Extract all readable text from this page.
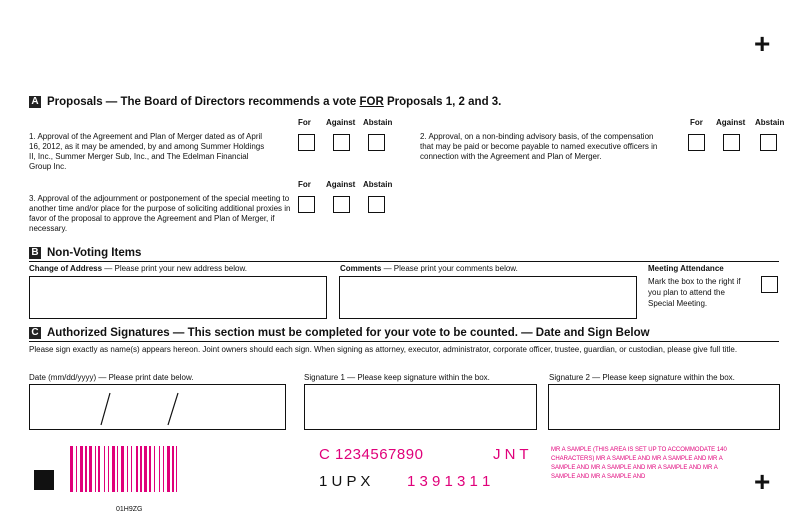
+
A Proposals — The Board of Directors recommends a vote FOR Proposals 1, 2 and 3.
For Against Abstain
1. Approval of the Agreement and Plan of Merger dated as of April 16, 2012, as it may be amended, by and among Summer Holdings II, Inc., Summer Merger Sub, Inc., and The Edelman Financial Group Inc.
For Against Abstain
2. Approval, on a non-binding advisory basis, of the compensation that may be paid or become payable to named executive officers in connection with the Agreement and Plan of Merger.
For Against Abstain
3. Approval of the adjournment or postponement of the special meeting to another time and/or place for the purpose of soliciting additional proxies in favor of the proposal to approve the Agreement and Plan of Merger, if necessary.
B Non-Voting Items
Change of Address — Please print your new address below.	Comments — Please print your comments below.	Meeting Attendance
Mark the box to the right if you plan to attend the Special Meeting.
C Authorized Signatures — This section must be completed for your vote to be counted. — Date and Sign Below
Please sign exactly as name(s) appears hereon. Joint owners should each sign. When signing as attorney, executor, administrator, corporate officer, trustee, guardian, or custodian, please give full title.
Date (mm/dd/yyyy) — Please print date below.	Signature 1 — Please keep signature within the box.	Signature 2 — Please keep signature within the box.
C 1234567890	J N T
1 U P X 1 3 9 1 3 1 1
MR A SAMPLE (THIS AREA IS SET UP TO ACCOMMODATE 140 CHARACTERS) MR A SAMPLE AND MR A SAMPLE AND MR A SAMPLE AND MR A SAMPLE AND MR A SAMPLE AND MR A SAMPLE AND MR A SAMPLE AND	+
01H9ZG
